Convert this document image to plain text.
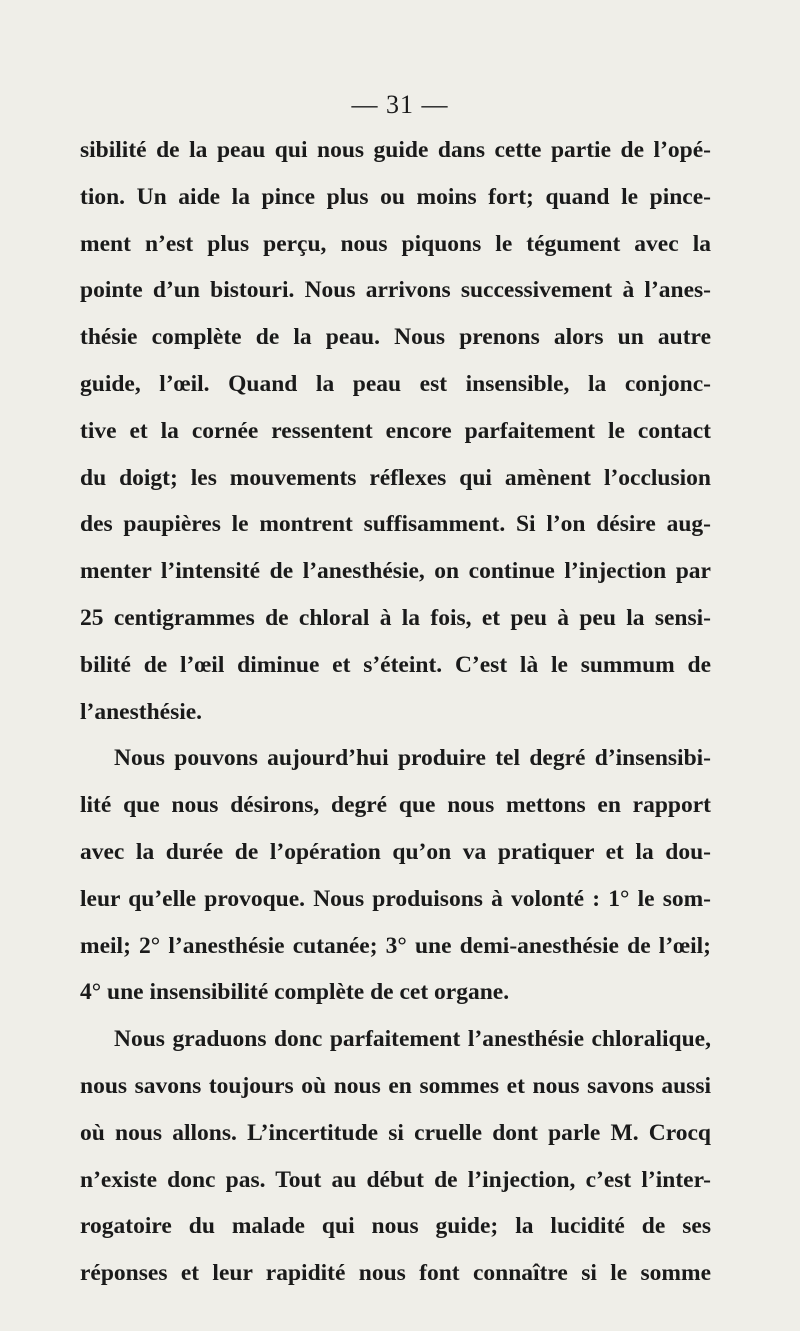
— 31 —
sibilité de la peau qui nous guide dans cette partie de l’opé-
tion. Un aide la pince plus ou moins fort; quand le pince-
ment n’est plus perçu, nous piquons le tégument avec la
pointe d’un bistouri. Nous arrivons successivement à l’anes-
thésie complète de la peau. Nous prenons alors un autre
guide, l’œil. Quand la peau est insensible, la conjonc-
tive et la cornée ressentent encore parfaitement le contact
du doigt; les mouvements réflexes qui amènent l’occlusion
des paupières le montrent suffisamment. Si l’on désire aug-
menter l’intensité de l’anesthésie, on continue l’injection par
25 centigrammes de chloral à la fois, et peu à peu la sensi-
bilité de l’œil diminue et s’éteint. C’est là le summum de
l’anesthésie.
Nous pouvons aujourd’hui produire tel degré d’insensibi-
lité que nous désirons, degré que nous mettons en rapport
avec la durée de l’opération qu’on va pratiquer et la dou-
leur qu’elle provoque. Nous produisons à volonté : 1° le som-
meil; 2° l’anesthésie cutanée; 3° une demi-anesthésie de l’œil;
4° une insensibilité complète de cet organe.
Nous graduons donc parfaitement l’anesthésie chloralique,
nous savons toujours où nous en sommes et nous savons aussi
où nous allons. L’incertitude si cruelle dont parle M. Crocq
n’existe donc pas. Tout au début de l’injection, c’est l’inter-
rogatoire du malade qui nous guide; la lucidité de ses
réponses et leur rapidité nous font connaître si le somme
